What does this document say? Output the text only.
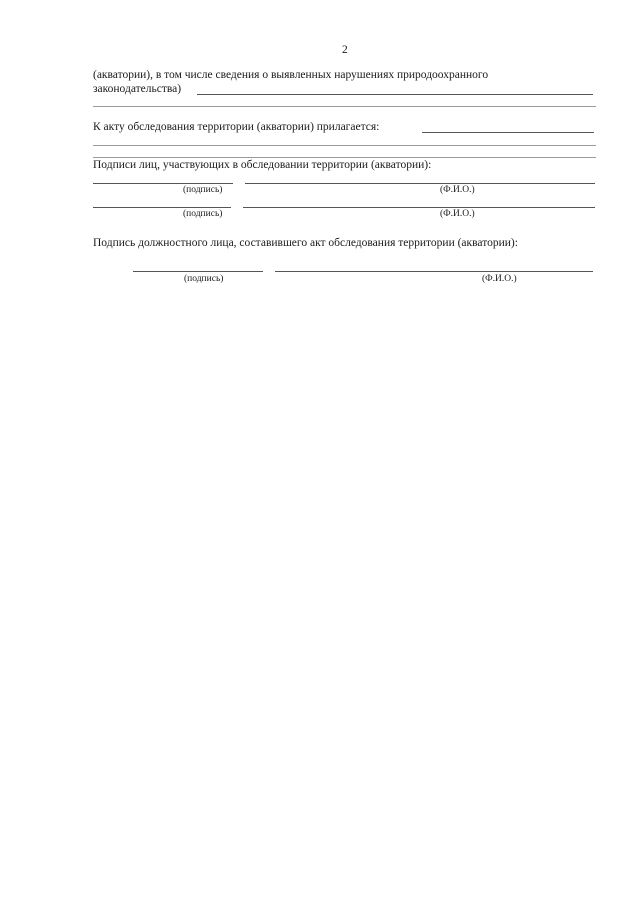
2
(акватории), в том числе сведения о выявленных нарушениях природоохранного
законодательства)
К акту обследования территории (акватории) прилагается:
Подписи лиц, участвующих в обследовании территории (акватории):
(подпись)	(Ф.И.О.)
(подпись)	(Ф.И.О.)
Подпись должностного лица, составившего акт обследования территории (акватории):
(подпись)	(Ф.И.О.)
